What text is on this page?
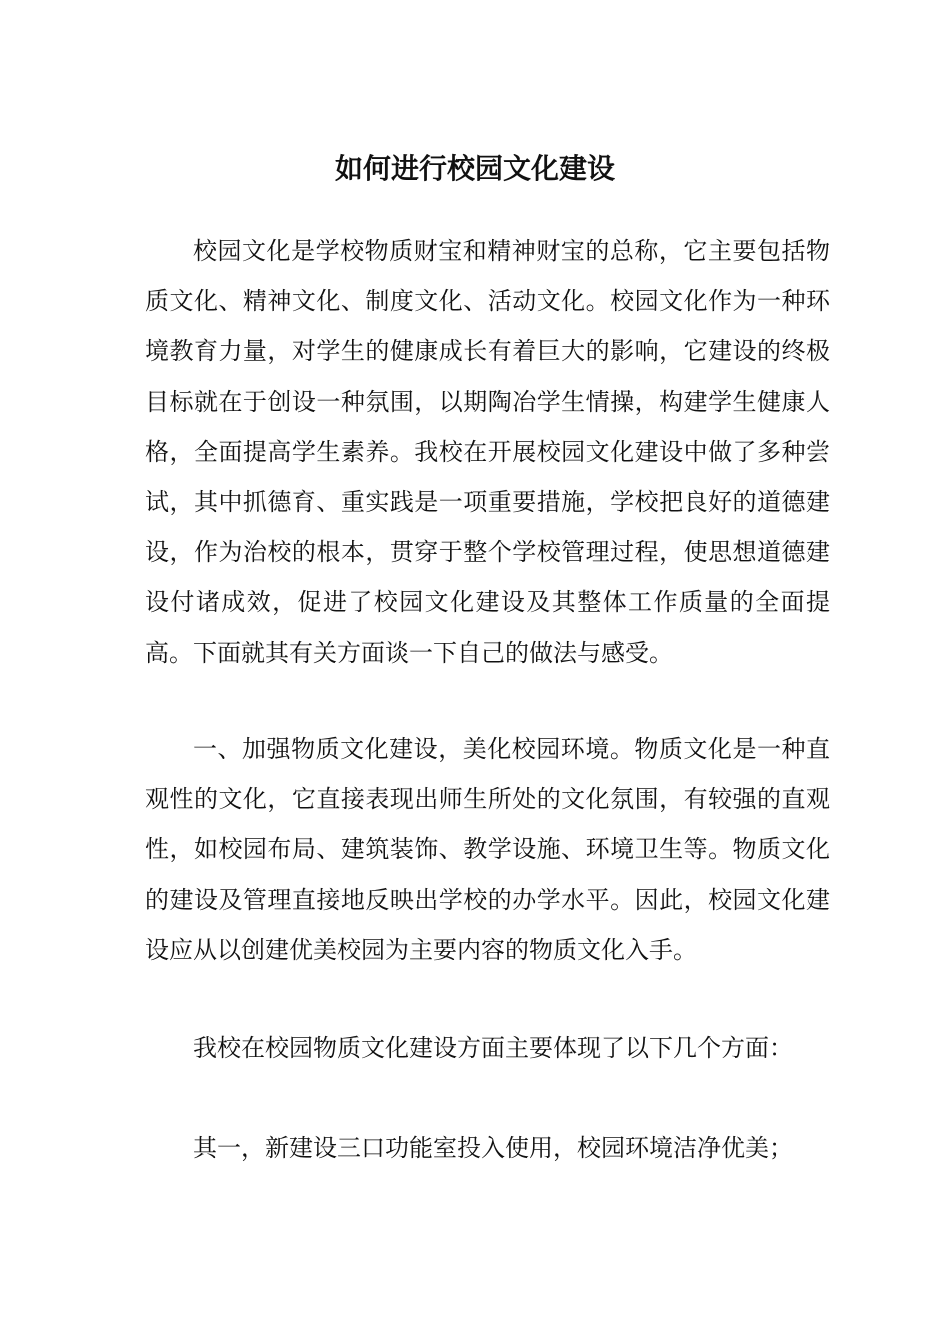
如何进行校园文化建设

校园文化是学校物质财宝和精神财宝的总称，它主要包括物质文化、精神文化、制度文化、活动文化。校园文化作为一种环境教育力量，对学生的健康成长有着巨大的影响，它建设的终极目标就在于创设一种氛围，以期陶冶学生情操，构建学生健康人格，全面提高学生素养。我校在开展校园文化建设中做了多种尝试，其中抓德育、重实践是一项重要措施，学校把良好的道德建设，作为治校的根本，贯穿于整个学校管理过程，使思想道德建设付诸成效，促进了校园文化建设及其整体工作质量的全面提高。下面就其有关方面谈一下自己的做法与感受。

一、加强物质文化建设，美化校园环境。物质文化是一种直观性的文化，它直接表现出师生所处的文化氛围，有较强的直观性，如校园布局、建筑装饰、教学设施、环境卫生等。物质文化的建设及管理直接地反映出学校的办学水平。因此，校园文化建设应从以创建优美校园为主要内容的物质文化入手。

我校在校园物质文化建设方面主要体现了以下几个方面：

其一，新建设三口功能室投入使用，校园环境洁净优美；
